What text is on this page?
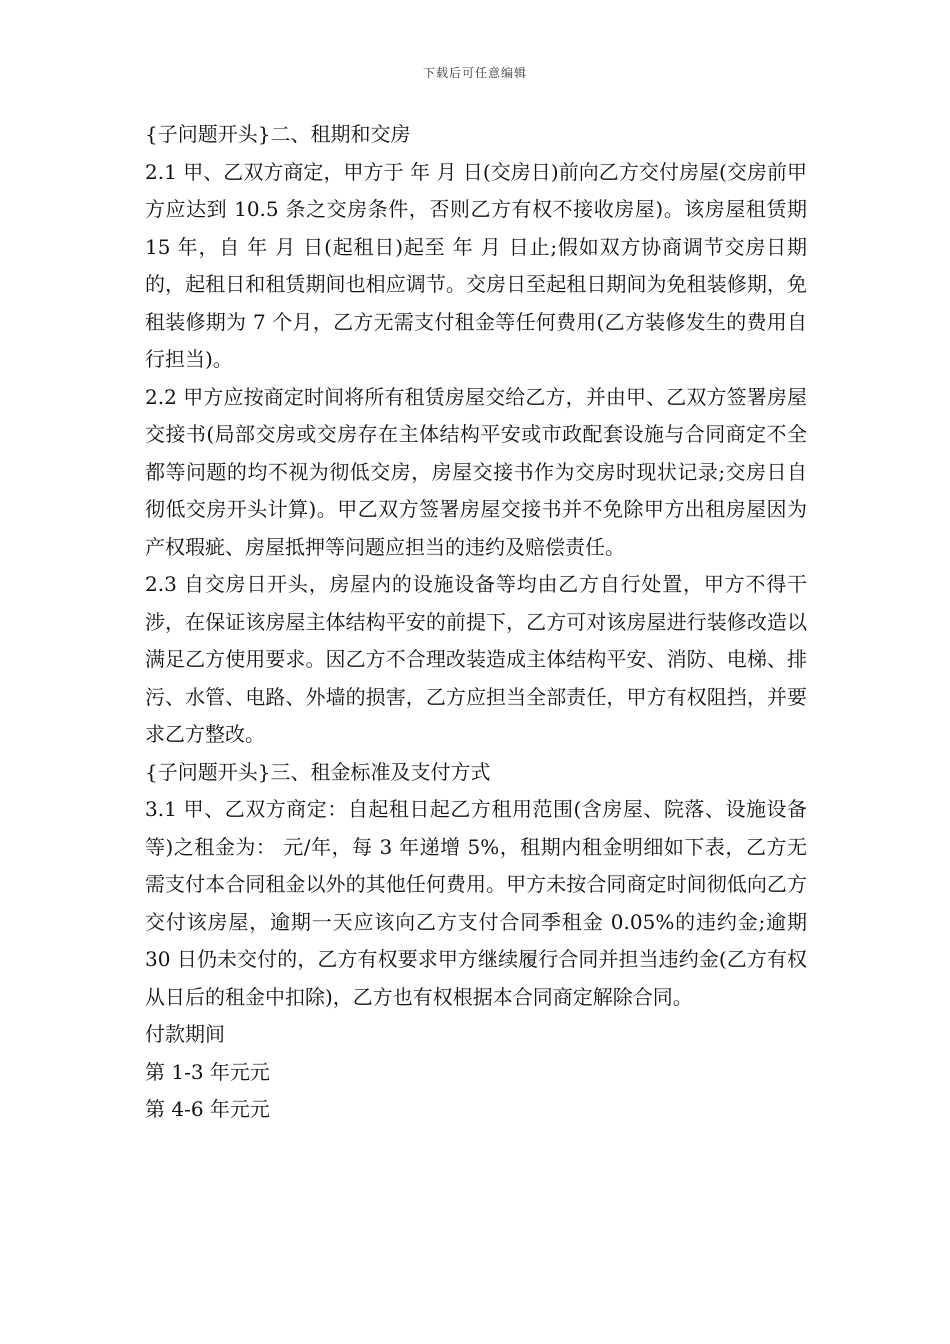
下载后可任意编辑

{子问题开头}二、租期和交房

2.1 甲、乙双方商定，甲方于 年 月 日(交房日)前向乙方交付房屋(交房前甲方应达到 10.5 条之交房条件，否则乙方有权不接收房屋)。该房屋租赁期 15 年，自 年 月 日(起租日)起至 年 月 日止;假如双方协商调节交房日期的，起租日和租赁期间也相应调节。交房日至起租日期间为免租装修期，免租装修期为 7 个月，乙方无需支付租金等任何费用(乙方装修发生的费用自行担当)。

2.2 甲方应按商定时间将所有租赁房屋交给乙方，并由甲、乙双方签署房屋交接书(局部交房或交房存在主体结构平安或市政配套设施与合同商定不全都等问题的均不视为彻低交房，房屋交接书作为交房时现状记录;交房日自彻低交房开头计算)。甲乙双方签署房屋交接书并不免除甲方出租房屋因为产权瑕疵、房屋抵押等问题应担当的违约及赔偿责任。

2.3 自交房日开头，房屋内的设施设备等均由乙方自行处置，甲方不得干涉，在保证该房屋主体结构平安的前提下，乙方可对该房屋进行装修改造以满足乙方使用要求。因乙方不合理改装造成主体结构平安、消防、电梯、排污、水管、电路、外墙的损害，乙方应担当全部责任，甲方有权阻挡，并要求乙方整改。

{子问题开头}三、租金标准及支付方式

3.1 甲、乙双方商定：自起租日起乙方租用范围(含房屋、院落、设施设备等)之租金为： 元/年，每 3 年递增 5%，租期内租金明细如下表，乙方无需支付本合同租金以外的其他任何费用。甲方未按合同商定时间彻低向乙方交付该房屋，逾期一天应该向乙方支付合同季租金 0.05%的违约金;逾期 30 日仍未交付的，乙方有权要求甲方继续履行合同并担当违约金(乙方有权从日后的租金中扣除)，乙方也有权根据本合同商定解除合同。

付款期间

第 1-3 年元元

第 4-6 年元元
